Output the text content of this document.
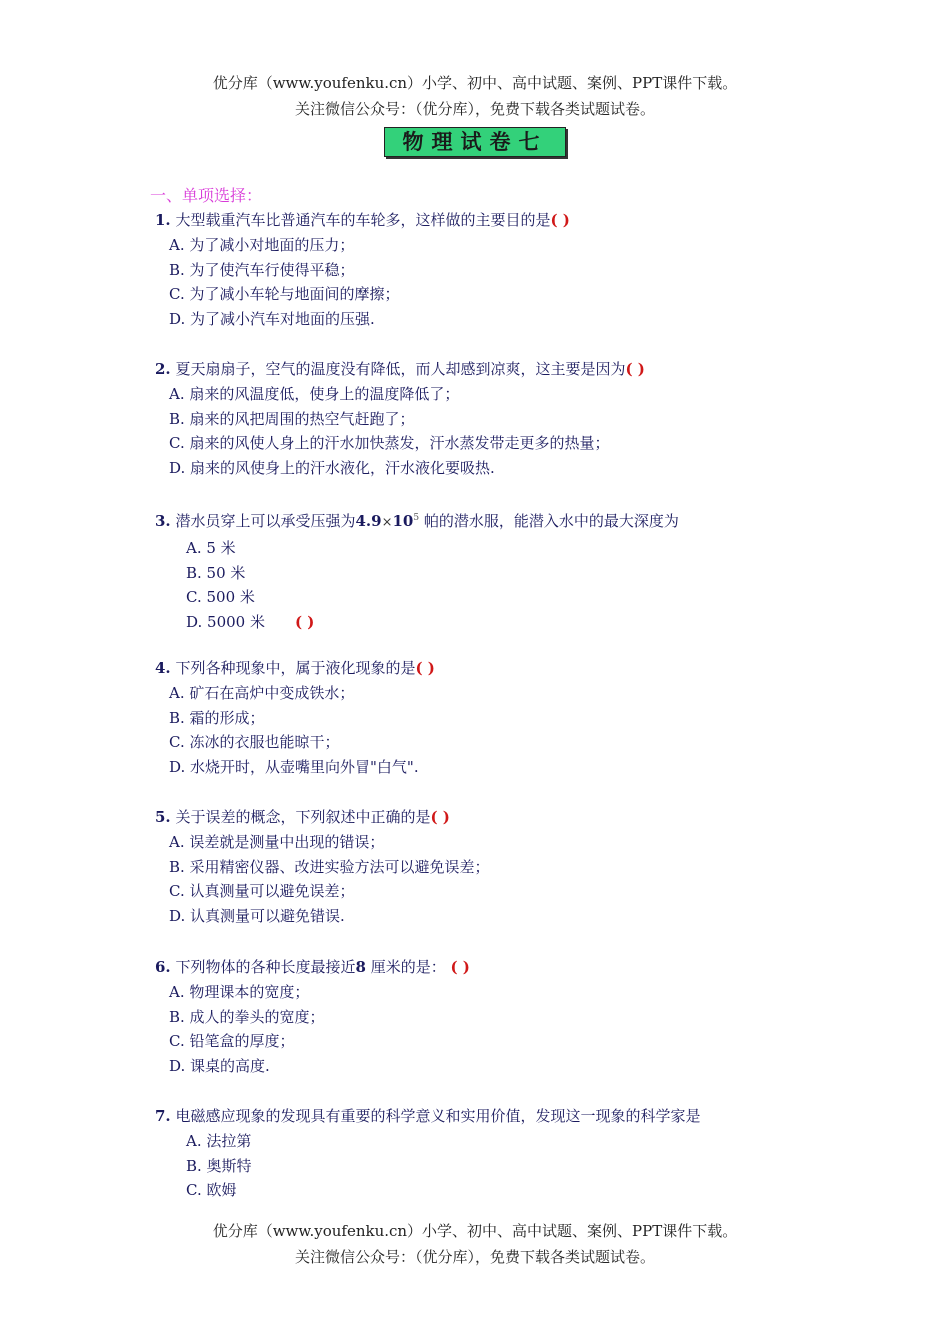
优分库（www.youfenku.cn）小学、初中、高中试题、案例、PPT课件下载。
关注微信公众号：（优分库），免费下载各类试题试卷。
物理试卷七
一、单项选择：

1. 大型载重汽车比普通汽车的车轮多，这样做的主要目的是( )

A. 为了减小对地面的压力；

B. 为了使汽车行使得平稳；

C. 为了减小车轮与地面间的摩擦；

D. 为了减小汽车对地面的压强.

2. 夏天扇扇子，空气的温度没有降低，而人却感到凉爽，这主要是因为( )

A. 扇来的风温度低，使身上的温度降低了；

B. 扇来的风把周围的热空气赶跑了；

C. 扇来的风使人身上的汗水加快蒸发，汗水蒸发带走更多的热量；

D. 扇来的风使身上的汗水液化，汗水液化要吸热.

3. 潜水员穿上可以承受压强为$4.9\times 10^5$ 帕的潜水服，能潜入水中的最大深度为

A. 5 米

B. 50 米

C. 500 米

D. 5000 米 ( )

4. 下列各种现象中，属于液化现象的是( )

A. 矿石在高炉中变成铁水；

B. 霜的形成；

C. 冻冰的衣服也能晾干；

D. 水烧开时，从壶嘴里向外冒"白气".

5. 关于误差的概念，下列叙述中正确的是( )

A. 误差就是测量中出现的错误；

B. 采用精密仪器、改进实验方法可以避免误差；

C. 认真测量可以避免误差；

D. 认真测量可以避免错误.

6. 下列物体的各种长度最接近8 厘米的是： ( )

A. 物理课本的宽度；

B. 成人的拳头的宽度；

C. 铅笔盒的厚度；

D. 课桌的高度.

7. 电磁感应现象的发现具有重要的科学意义和实用价值，发现这一现象的科学家是

A. 法拉第

B. 奥斯特

C. 欧姆

优分库（www.youfenku.cn）小学、初中、高中试题、案例、PPT课件下载。
关注微信公众号：（优分库），免费下载各类试题试卷。
